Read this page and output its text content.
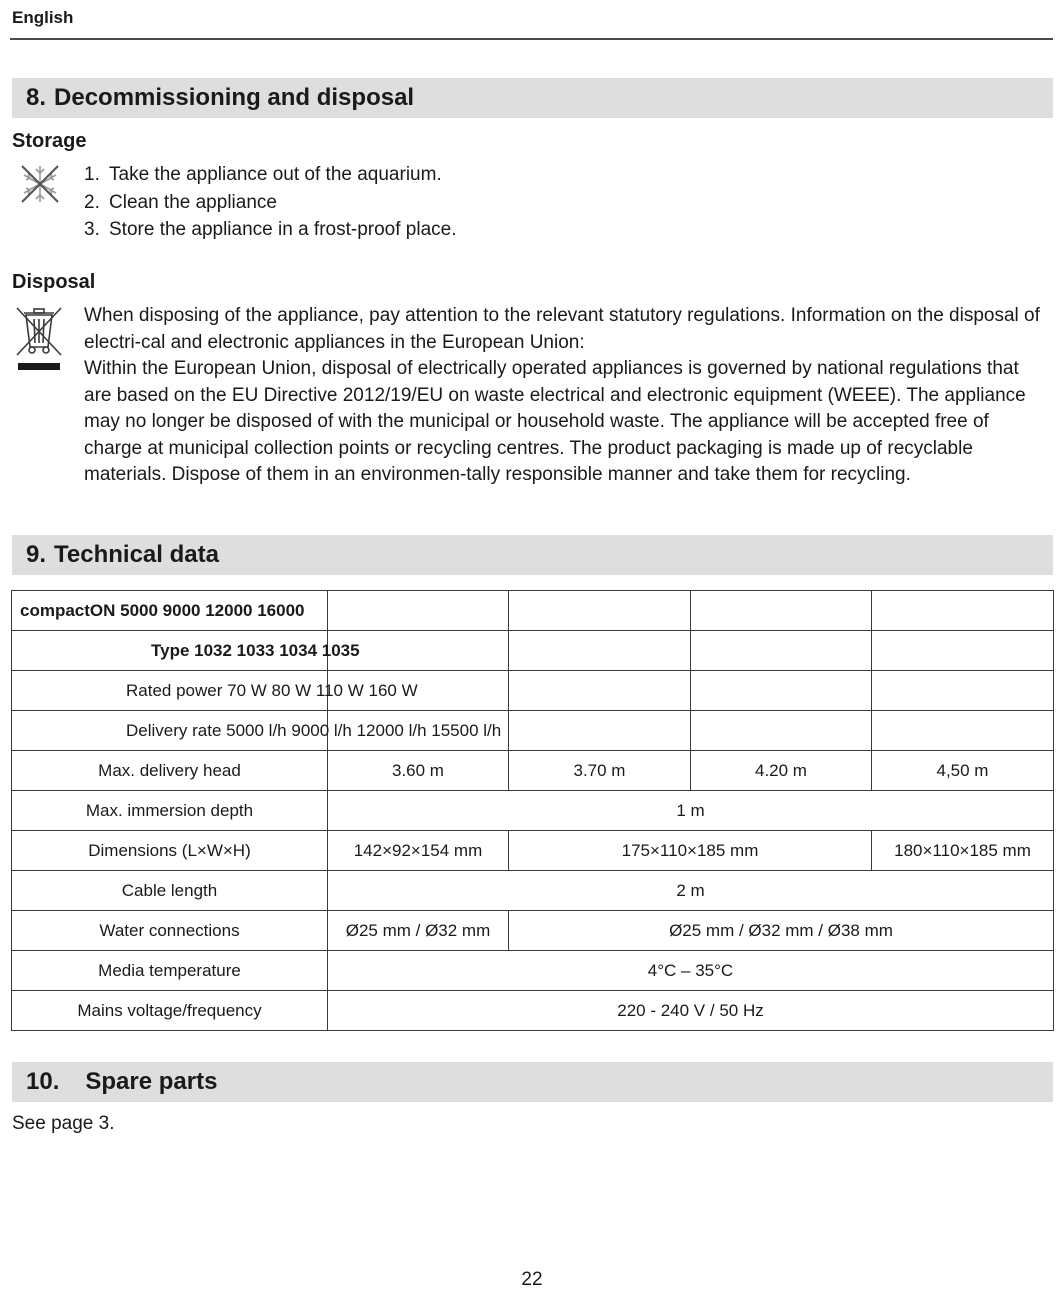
English
8. Decommissioning and disposal
Storage
1. Take the appliance out of the aquarium.
2. Clean the appliance
3. Store the appliance in a frost-proof place.
Disposal

When disposing of the appliance, pay attention to the relevant statutory regulations. Information on the disposal of electri-cal and electronic appliances in the European Union:

Within the European Union, disposal of electrically operated appliances is governed by national regulations that are based on the EU Directive 2012/19/EU on waste electrical and electronic equipment (WEEE). The appliance may no longer be disposed of with the municipal or household waste. The appliance will be accepted free of charge at municipal collection points or recycling centres. The product packaging is made up of recyclable materials. Dispose of them in an environmen-tally responsible manner and take them for recycling.

9. Technical data
compactON 5000 9000 12000 16000				

Type 1032 1033 1034 1035				

Rated power 70 W 80 W 110 W 160 W				

Delivery rate 5000 l/h 9000 l/h 12000 l/h 15500 l/h				

Max. delivery head	3.60 m	3.70 m	4.20 m	4,50 m
Max. immersion depth	1 m			
Dimensions (L×W×H)	142×92×154 mm	175×110×185 mm		180×110×185 mm
Cable length	2 m			
Water connections	Ø25 mm / Ø32 mm	Ø25 mm / Ø32 mm / Ø38 mm		
Media temperature	4°C – 35°C			
Mains voltage/frequency	220 - 240 V / 50 Hz			
10. Spare parts
See page 3.
22
